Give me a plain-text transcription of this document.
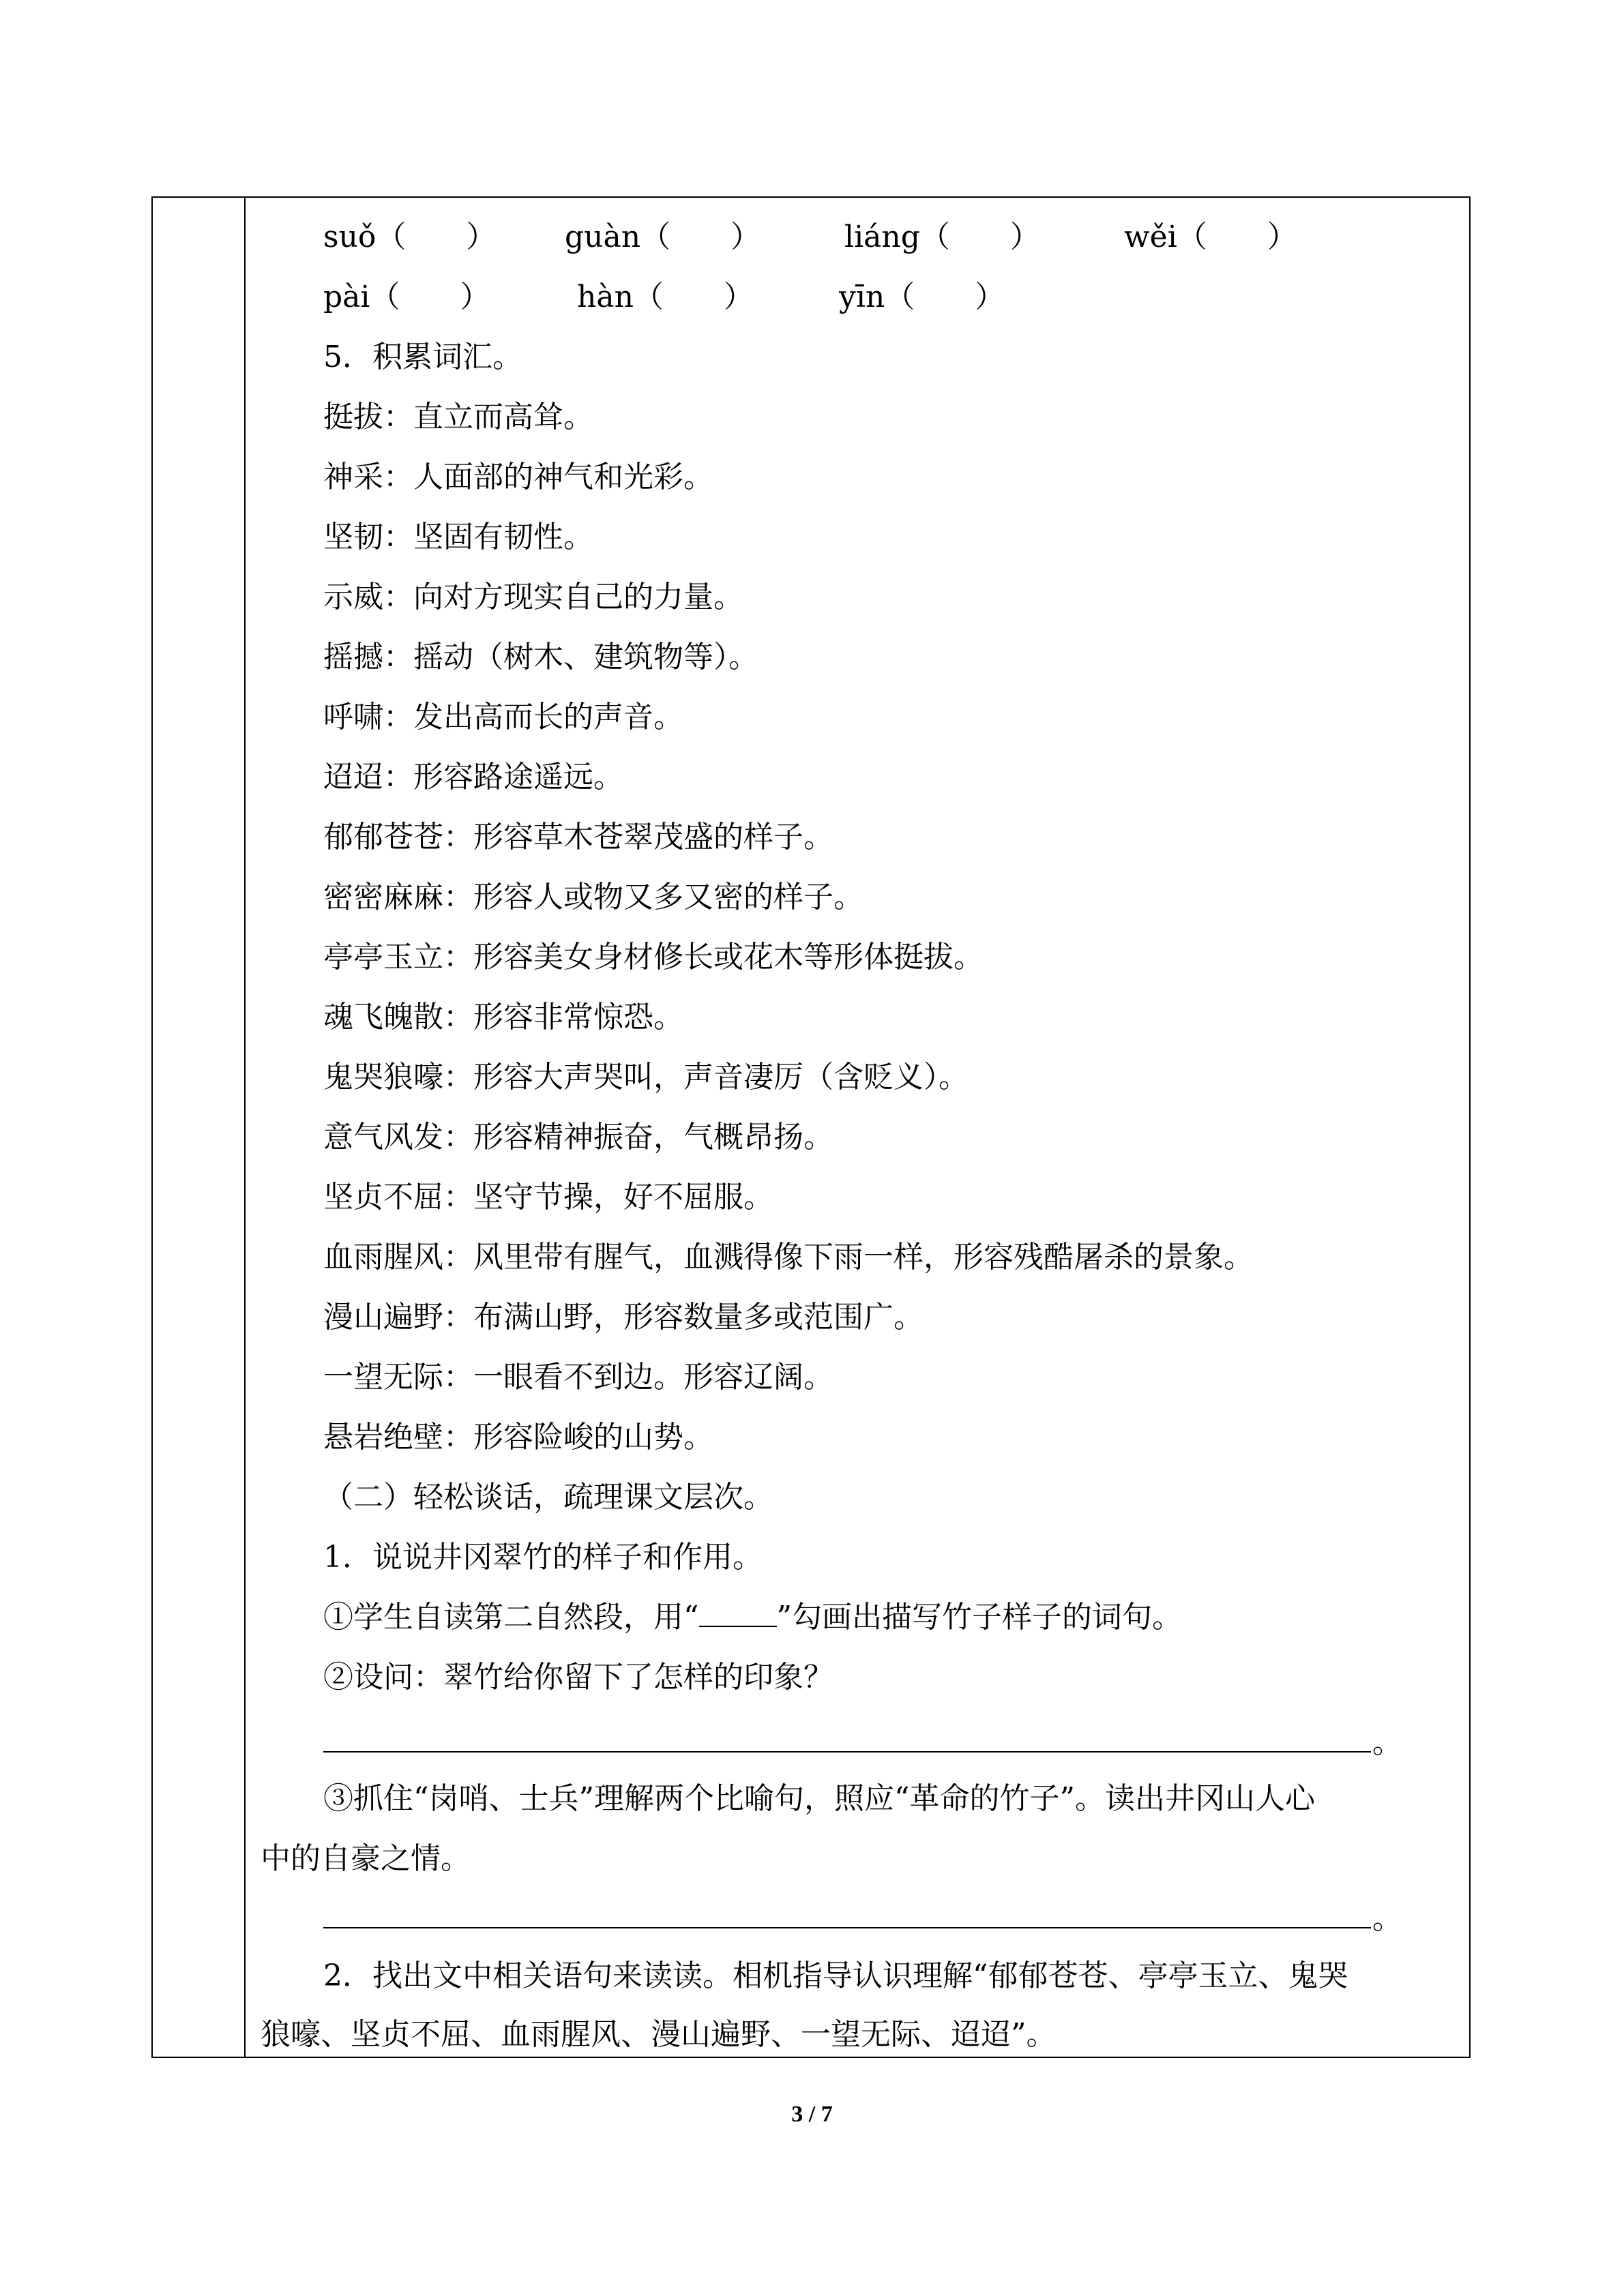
suǒ（　　） guàn（　　）	liáng（　　）	wěi（　　）
pài（　　）	hàn（　　）	yīn（　　）
5．积累词汇。
挺拔：直立而高耸。
神采：人面部的神气和光彩。
坚韧：坚固有韧性。
示威：向对方现实自己的力量。
摇撼：摇动（树木、建筑物等）。
呼啸：发出高而长的声音。
迢迢：形容路途遥远。
郁郁苍苍：形容草木苍翠茂盛的样子。
密密麻麻：形容人或物又多又密的样子。
亭亭玉立：形容美女身材修长或花木等形体挺拔。
魂飞魄散：形容非常惊恐。
鬼哭狼嚎：形容大声哭叫，声音凄厉（含贬义）。
意气风发：形容精神振奋，气概昂扬。
坚贞不屈：坚守节操，好不屈服。
血雨腥风：风里带有腥气，血溅得像下雨一样，形容残酷屠杀的景象。
漫山遍野：布满山野，形容数量多或范围广。
一望无际：一眼看不到边。形容辽阔。
悬岩绝壁：形容险峻的山势。
（二）轻松谈话，疏理课文层次。
1．说说井冈翠竹的样子和作用。
①学生自读第二自然段，用“	”勾画出描写竹子样子的词句。
②设问：翠竹给你留下了怎样的印象？
。
③抓住“岗哨、士兵”理解两个比喻句，照应“革命的竹子”。读出井冈山人心
中的自豪之情。
。
2．找出文中相关语句来读读。相机指导认识理解“郁郁苍苍、亭亭玉立、鬼哭
狼嚎、坚贞不屈、血雨腥风、漫山遍野、一望无际、迢迢”。
3 / 7
